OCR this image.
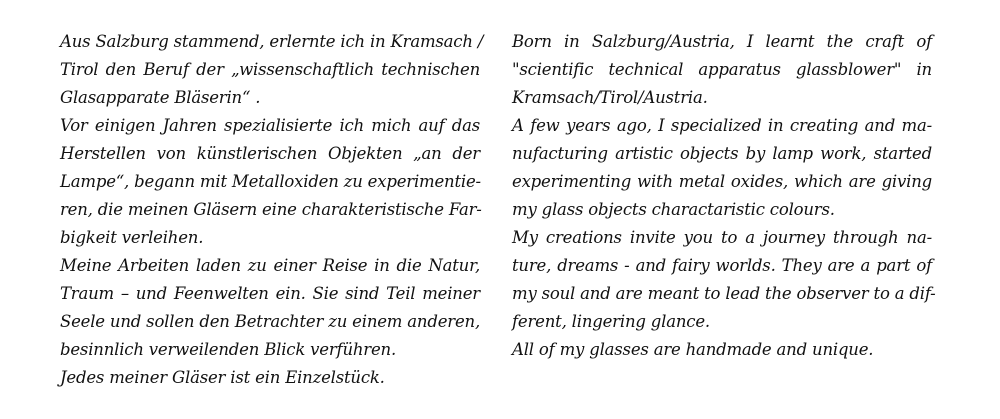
Aus Salzburg stammend, erlernte ich in Kramsach /
Tirol den Beruf der „wissenschaftlich technischen
Glasapparate Bläserin“ .
Vor einigen Jahren spezialisierte ich mich auf das
Herstellen von künstlerischen Objekten „an der
Lampe“, begann mit Metalloxiden zu experimentie-
ren, die meinen Gläsern eine charakteristische Far-
bigkeit verleihen.
Meine Arbeiten laden zu einer Reise in die Natur,
Traum – und Feenwelten ein. Sie sind Teil meiner
Seele und sollen den Betrachter zu einem anderen,
besinnlich verweilenden Blick verführen.
Jedes meiner Gläser ist ein Einzelstück.
Born in Salzburg/Austria, I learnt the craft of
"scientific technical apparatus glassblower" in
Kramsach/Tirol/Austria.
A few years ago, I specialized in creating and ma-
nufacturing artistic objects by lamp work, started
experimenting with metal oxides, which are giving
my glass objects charactaristic colours.
My creations invite you to a journey through na-
ture, dreams - and fairy worlds. They are a part of
my soul and are meant to lead the observer to a dif-
ferent, lingering glance.
All of my glasses are handmade and unique.
